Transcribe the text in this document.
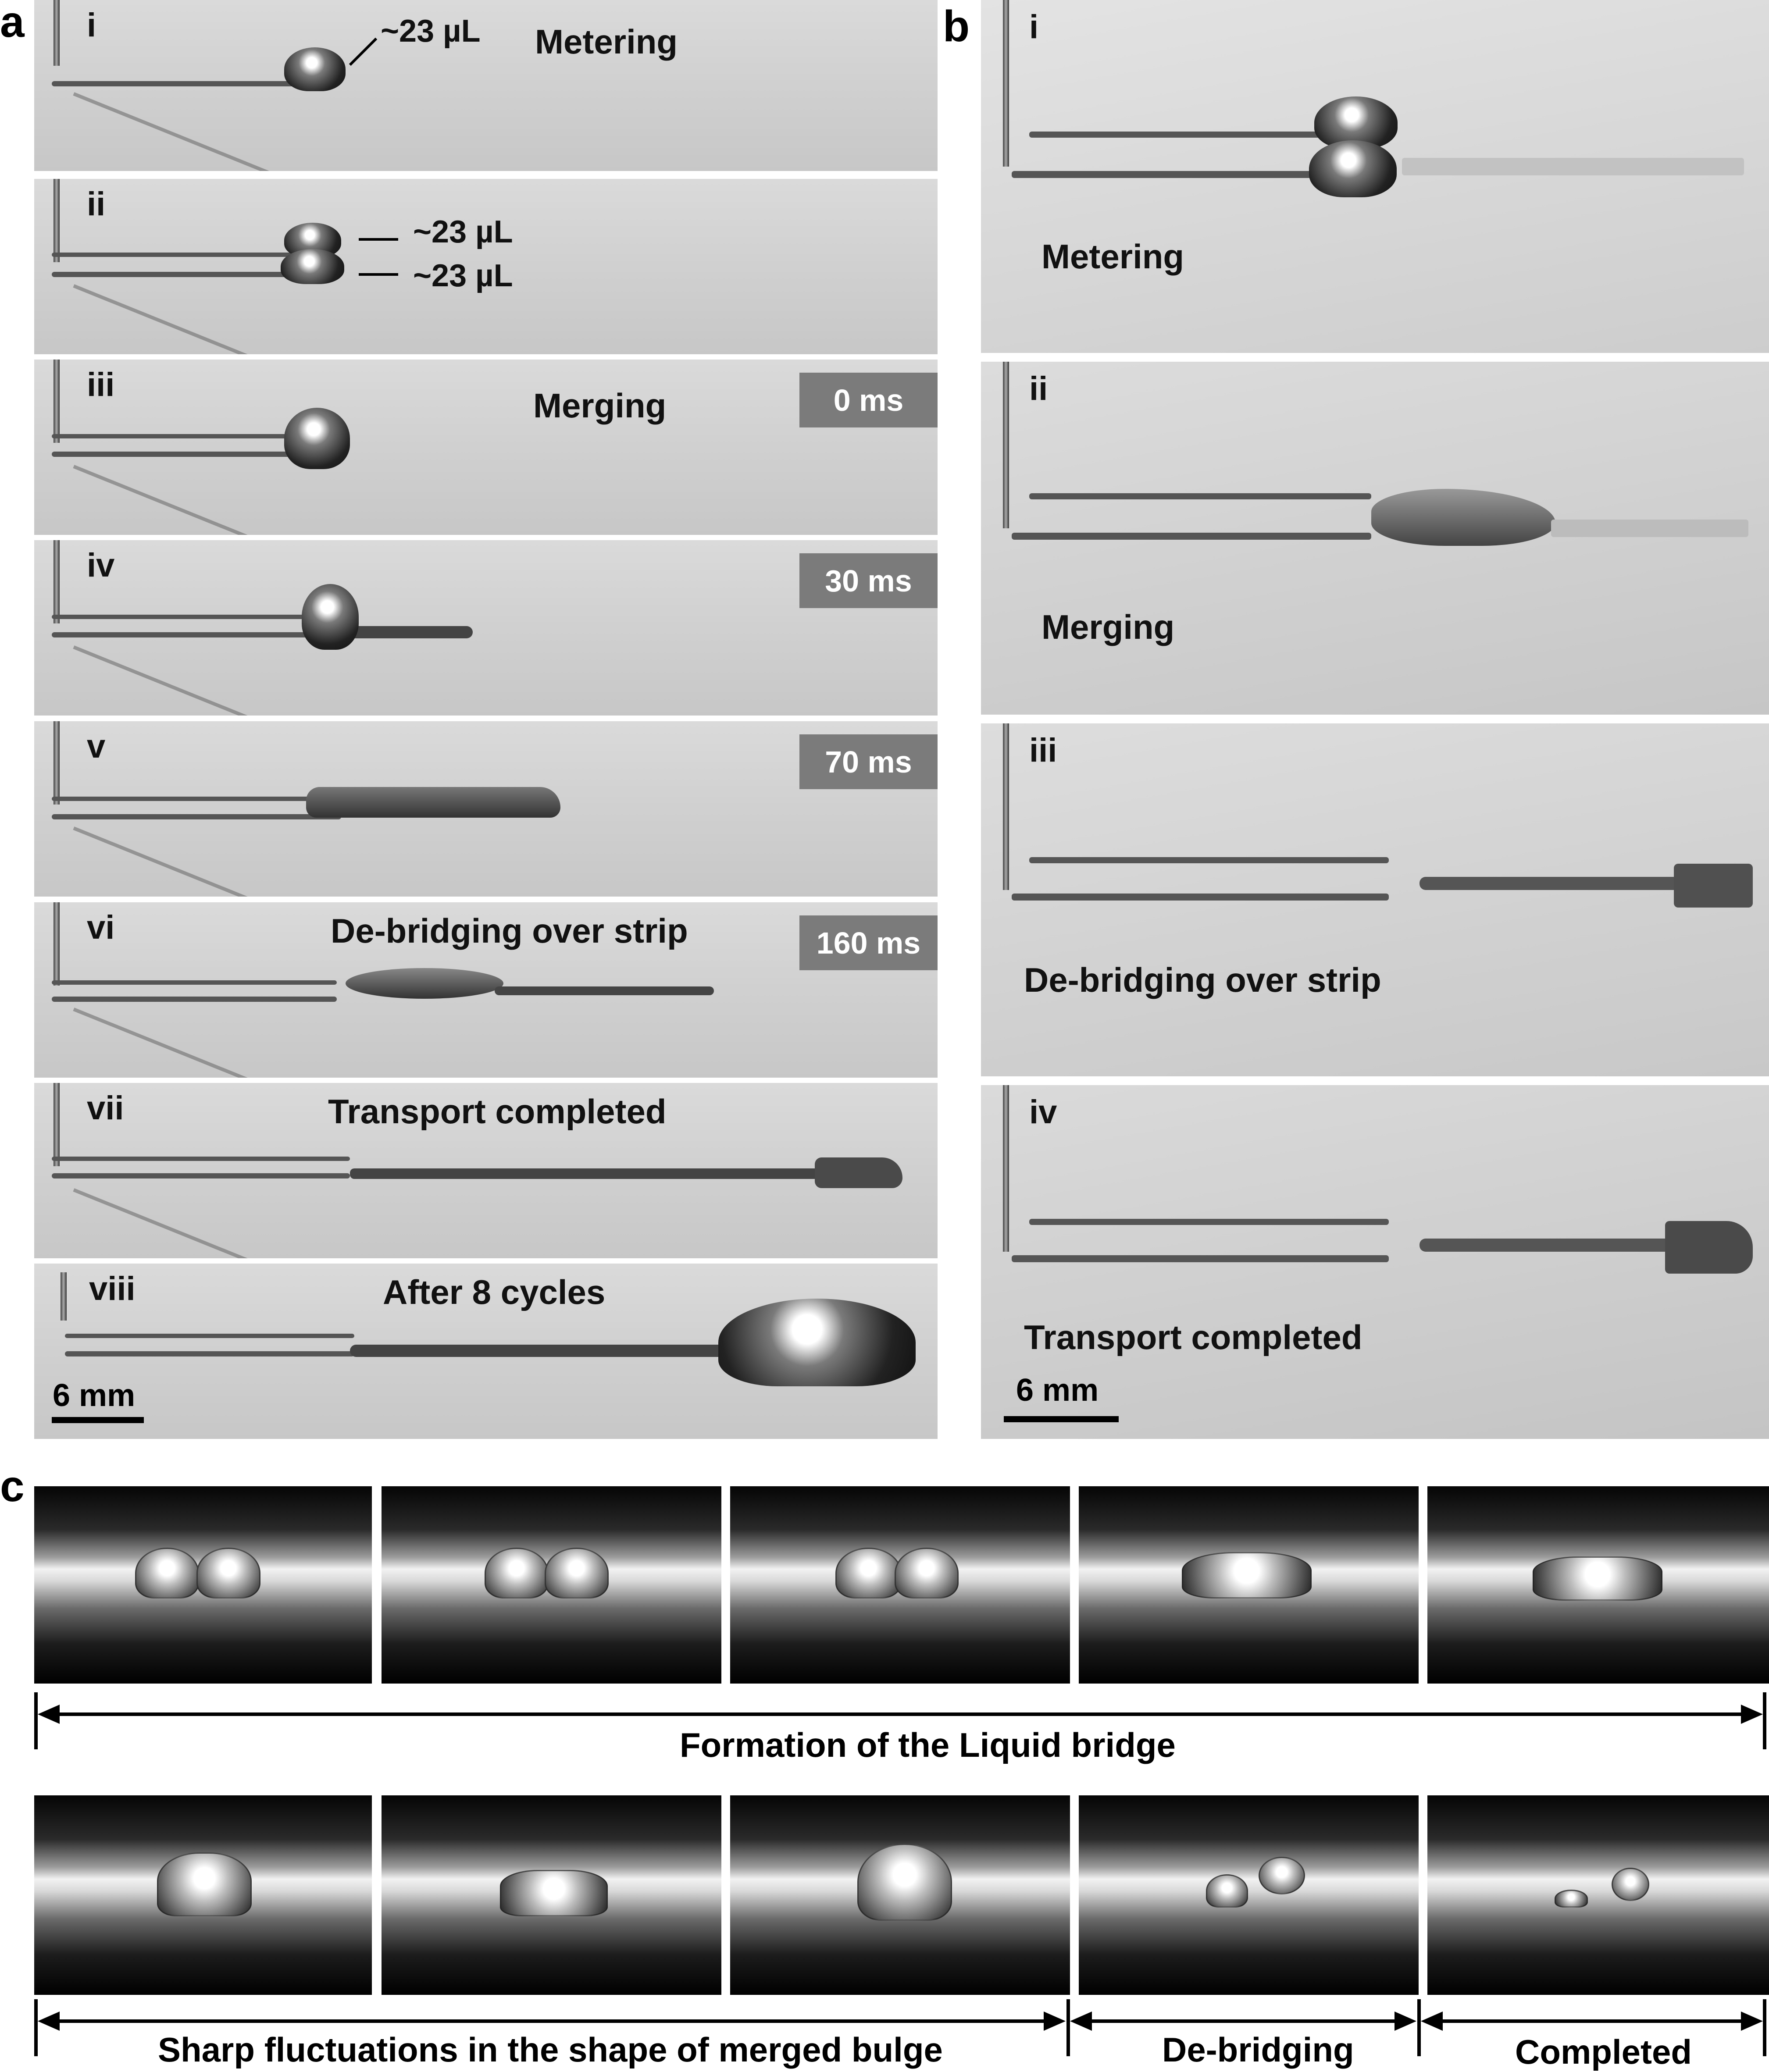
a	b
c
i	~23 µL Metering
ii
~23 µL
~23 µL
iii
Merging	0 ms
iv	30 ms
v	70 ms
vi	De-bridging over strip	160 ms
vii	Transport completed
viii	After 8 cycles
6 mm
i
Metering
ii
Merging
iii
De-bridging over strip
iv
Transport completed
6 mm
Formation of the Liquid bridge
Sharp fluctuations in the shape of merged bulge	De-bridging	Completed
